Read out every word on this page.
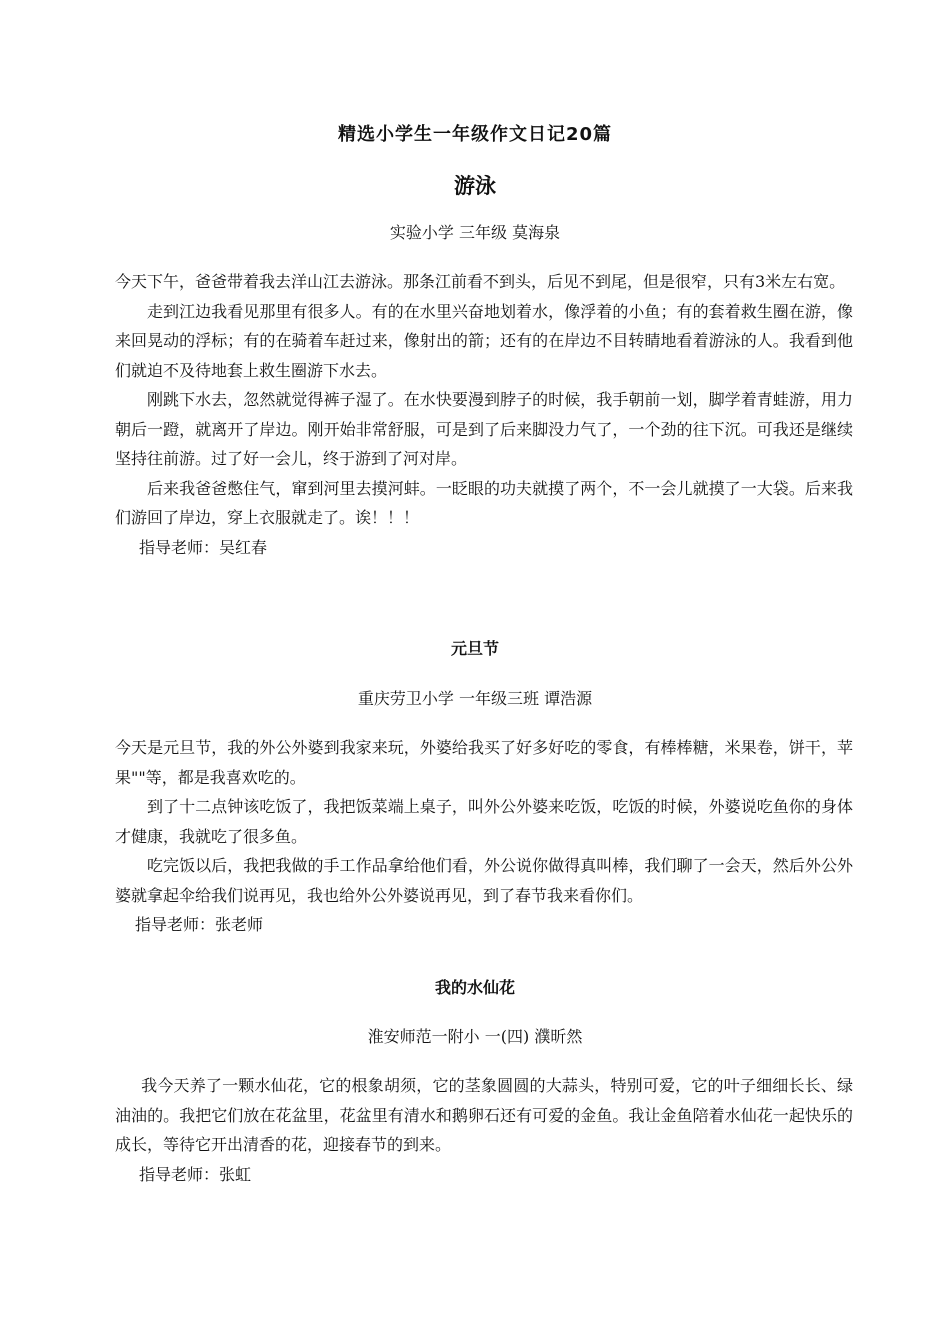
精选小学生一年级作文日记20篇
游泳
实验小学 三年级 莫海泉

今天下午，爸爸带着我去洋山江去游泳。那条江前看不到头，后见不到尾，但是很窄，只有3米左右宽。

走到江边我看见那里有很多人。有的在水里兴奋地划着水，像浮着的小鱼；有的套着救生圈在游，像来回晃动的浮标；有的在骑着车赶过来，像射出的箭；还有的在岸边不目转睛地看着游泳的人。我看到他们就迫不及待地套上救生圈游下水去。

刚跳下水去，忽然就觉得裤子湿了。在水快要漫到脖子的时候，我手朝前一划，脚学着青蛙游，用力朝后一蹬，就离开了岸边。刚开始非常舒服，可是到了后来脚没力气了，一个劲的往下沉。可我还是继续坚持往前游。过了好一会儿，终于游到了河对岸。

后来我爸爸憋住气，窜到河里去摸河蚌。一眨眼的功夫就摸了两个，不一会儿就摸了一大袋。后来我们游回了岸边，穿上衣服就走了。诶！！！

指导老师：吴红春

元旦节
重庆劳卫小学 一年级三班 谭浩源

今天是元旦节，我的外公外婆到我家来玩，外婆给我买了好多好吃的零食，有棒棒糖，米果卷，饼干，苹果""等，都是我喜欢吃的。

到了十二点钟该吃饭了，我把饭菜端上桌子，叫外公外婆来吃饭，吃饭的时候，外婆说吃鱼你的身体才健康，我就吃了很多鱼。

吃完饭以后，我把我做的手工作品拿给他们看，外公说你做得真叫棒，我们聊了一会天，然后外公外婆就拿起伞给我们说再见，我也给外公外婆说再见，到了春节我来看你们。

指导老师：张老师

我的水仙花
淮安师范一附小 一(四) 濮昕然

我今天养了一颗水仙花，它的根象胡须，它的茎象圆圆的大蒜头，特别可爱，它的叶子细细长长、绿油油的。我把它们放在花盆里，花盆里有清水和鹅卵石还有可爱的金鱼。我让金鱼陪着水仙花一起快乐的成长，等待它开出清香的花，迎接春节的到来。

指导老师：张虹
